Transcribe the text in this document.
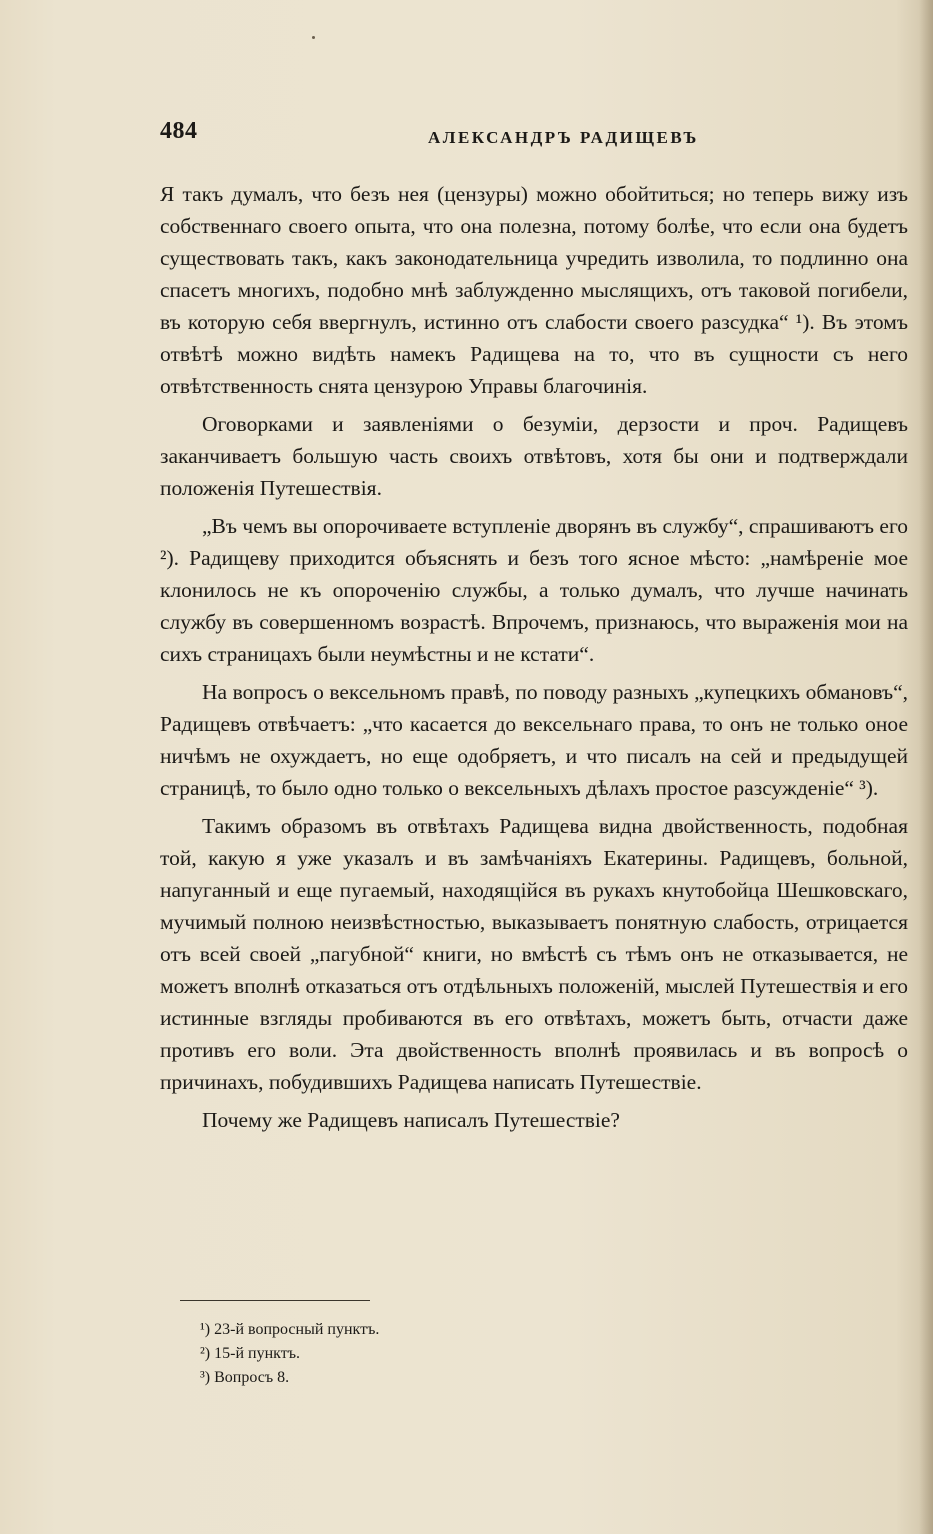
484	АЛЕКСАНДРЪ РАДИЩЕВЪ

Я такъ думалъ, что безъ нея (цензуры) можно обойтиться; но теперь вижу изъ собственнаго своего опыта, что она полезна, потому болѣе, что если она будетъ существовать такъ, какъ законодательница учредить изволила, то подлинно она спасетъ многихъ, подобно мнѣ заблужденно мыслящихъ, отъ таковой погибели, въ которую себя ввергнулъ, истинно отъ слабости своего разсудка“ ¹). Въ этомъ отвѣтѣ можно видѣть намекъ Радищева на то, что въ сущности съ него отвѣтственность снята цензурою Управы благочинія.

Оговорками и заявленіями о безуміи, дерзости и проч. Радищевъ заканчиваетъ большую часть своихъ отвѣтовъ, хотя бы они и подтверждали положенія Путешествія.

„Въ чемъ вы опорочиваете вступленіе дворянъ въ службу“, спрашиваютъ его ²). Радищеву приходится объяснять и безъ того ясное мѣсто: „намѣреніе мое клонилось не къ опороченію службы, а только думалъ, что лучше начинать службу въ совершенномъ возрастѣ. Впрочемъ, признаюсь, что выраженія мои на сихъ страницахъ были неумѣстны и не кстати“.

На вопросъ о вексельномъ правѣ, по поводу разныхъ „купецкихъ обмановъ“, Радищевъ отвѣчаетъ: „что касается до вексельнаго права, то онъ не только оное ничѣмъ не охуждаетъ, но еще одобряетъ, и что писалъ на сей и предыдущей страницѣ, то было одно только о вексельныхъ дѣлахъ простое разсужденіе“ ³).

Такимъ образомъ въ отвѣтахъ Радищева видна двойственность, подобная той, какую я уже указалъ и въ замѣчаніяхъ Екатерины. Радищевъ, больной, напуганный и еще пугаемый, находящійся въ рукахъ кнутобойца Шешковскаго, мучимый полною неизвѣстностью, выказываетъ понятную слабость, отрицается отъ всей своей „пагубной“ книги, но вмѣстѣ съ тѣмъ онъ не отказывается, не можетъ вполнѣ отказаться отъ отдѣльныхъ положеній, мыслей Путешествія и его истинные взгляды пробиваются въ его отвѣтахъ, можетъ быть, отчасти даже противъ его воли. Эта двойственность вполнѣ проявилась и въ вопросѣ о причинахъ, побудившихъ Радищева написать Путешествіе.

Почему же Радищевъ написалъ Путешествіе?

¹) 23-й вопросный пунктъ.
²) 15-й пунктъ.
³) Вопросъ 8.
